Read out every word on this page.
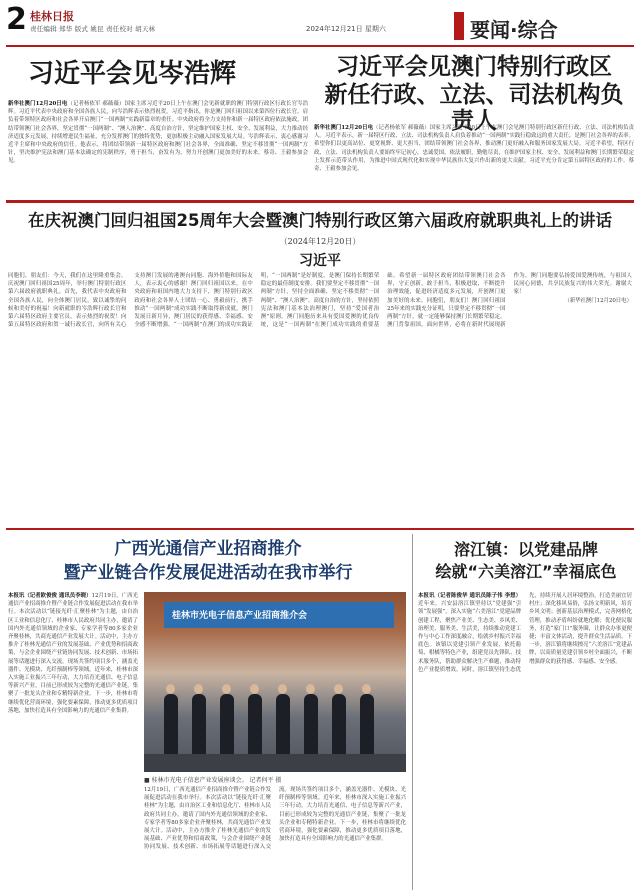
2 桂林日报
责任编辑 郑华 版式 姚昆 责任校对 胡天林	2024年12月21日 星期六	要闻·综合
习近平会见岑浩辉
新华社澳门12月20日电（记者杨依军 郝薇薇）国家主席习近平20日上午在澳门会见新就职的澳门特别行政区行政长官岑浩辉。习近平代表中央政府和全国各族人民，向岑浩辉表示热烈祝贺。习近平指出，你是澳门回归祖国以来第四位行政长官，肩负着带领特区政府和社会各界开启澳门“一国两制”实践新篇章的重任。中央政府将全力支持你和新一届特区政府依法施政，团结带领澳门社会各界，坚定贯彻“一国两制”、“澳人治澳”、高度自治方针，坚定维护国家主权、安全、发展利益，大力推动经济适度多元发展，持续增进民生福祉，充分发挥澳门的独特优势，更加积极主动融入国家发展大局。岑浩辉表示，衷心感谢习近平主席和中央政府的信任。他表示，将团结带领新一届特区政府和澳门社会各界，全面准确、坚定不移贯彻“一国两制”方针，坚决维护宪法和澳门基本法确定的宪制秩序，勇于担当，奋发有为，努力开创澳门更加美好的未来。蔡奇、王毅参加会见。
习近平会见澳门特别行政区
新任行政、立法、司法机构负责人
新华社澳门12月20日电（记者杨依军 郝薇薇）国家主席习近平20日上午在澳门会见澳门特别行政区新任行政、立法、司法机构负责人。习近平表示，新一届特区行政、立法、司法机构负责人肩负着推动“一国两制”实践行稳致远的重大责任，是澳门社会各界的表率。希望你们以更高站位、更宽视野、更大担当，团结带领澳门社会各界，推动澳门更好融入和服务国家发展大局。习近平希望，特区行政、立法、司法机构负责人要始终牢记初心，忠诚爱国，依法履职，勤勉尽责，在维护国家主权、安全、发展利益和澳门长期繁荣稳定上发挥示范带头作用，为推进中国式现代化和实现中华民族伟大复兴作出新的更大贡献。习近平充分肯定第五届特区政府的工作。蔡奇、王毅参加会见。
在庆祝澳门回归祖国25周年大会暨澳门特别行政区第六届政府就职典礼上的讲话
（2024年12月20日）
习近平
同胞们，朋友们：今天，我们在这里隆重集会，庆祝澳门回归祖国25周年，举行澳门特别行政区第六届政府就职典礼。首先，我代表中央政府和全国各族人民，向全体澳门居民，致以诚挚的问候和美好的祝福！向新就职的岑浩辉行政长官和第六届特区政府主要官员，表示热烈的祝贺！向第五届特区政府和贺一诚行政长官，向所有关心支持澳门发展的港澳台同胞、海外侨胞和国际友人，表示衷心的感谢！澳门回归祖国以来，在中央政府和祖国内地大力支持下，澳门特别行政区政府和社会各界人士团结一心、勇毅前行，携手推动“一国两制”成功实践不断取得新成就，澳门发展日新月异，澳门居民的获得感、幸福感、安全感不断增强。“一国两制”在澳门的成功实践证明，“一国两制”是好制度，是澳门保持长期繁荣稳定的最佳制度安排。我们要坚定不移贯彻“一国两制”方针，坚持全面准确、坚定不移贯彻“一国两制”、“澳人治澳”、高度自治的方针，坚持依照宪法和澳门基本法治理澳门，坚持“爱国者治澳”原则。澳门同胞历来具有爱国爱澳的优良传统，这是“一国两制”在澳门成功实践的重要基础。希望新一届特区政府团结带领澳门社会各界，守正创新，敢于担当，积极进取，不断提升治理效能，促进经济适度多元发展，开创澳门更加美好的未来。同胞们，朋友们！澳门回归祖国25年来的实践充分证明，只要坚定不移贯彻“一国两制”方针，就一定能够保持澳门长期繁荣稳定。澳门背靠祖国，面向世界，必将在新时代展现新作为。澳门同胞要弘扬爱国爱澳传统，与祖国人民同心同德，共享民族复兴的伟大荣光。谢谢大家！
（新华社澳门12月20日电）
广西光通信产业招商推介
暨产业链合作发展促进活动在我市举行
本报讯（记者欧俊俊 通讯员李晓）12月19日，广西光通信产业招商推介暨产业链合作发展促进活动在我市举行。本次活动以“链接光纤·汇聚桂林”为主题，由自治区工业和信息化厅、桂林市人民政府共同主办，邀请了国内外光通信领域的企业家、专家学者等80多家企业齐聚桂林，共商光通信产业发展大计。活动中，主办方推介了桂林光通信产业的发展基础、产业优势和招商政策，与会企业围绕产业链协同发展、技术创新、市场拓展等话题进行深入交流。现场共签约项目多个，涵盖光器件、光模块、光纤预制棒等领域。近年来，桂林市深入实施工业振兴三年行动，大力培育光通信、电子信息等新兴产业，目前已形成较为完整的光通信产业链，集聚了一批龙头企业和专精特新企业。下一步，桂林市将继续优化营商环境，强化要素保障，推动更多优质项目落地，加快打造具有全国影响力的光通信产业集群。
桂林市光电子信息产业招商推介会
■ 桂林市光电子信息产业发展座谈会。 记者何平 摄
12月19日，广西光通信产业招商推介暨产业链合作发展促进活动在我市举行。本次活动以“链接光纤·汇聚桂林”为主题，由自治区工业和信息化厅、桂林市人民政府共同主办，邀请了国内外光通信领域的企业家、专家学者等80多家企业齐聚桂林，共商光通信产业发展大计。活动中，主办方推介了桂林光通信产业的发展基础、产业优势和招商政策，与会企业围绕产业链协同发展、技术创新、市场拓展等话题进行深入交流。现场共签约项目多个，涵盖光器件、光模块、光纤预制棒等领域。近年来，桂林市深入实施工业振兴三年行动，大力培育光通信、电子信息等新兴产业，目前已形成较为完整的光通信产业链，集聚了一批龙头企业和专精特新企业。下一步，桂林市将继续优化营商环境，强化要素保障，推动更多优质项目落地，加快打造具有全国影响力的光通信产业集群。
溶江镇：以党建品牌
绘就“六美溶江”幸福底色
本报讯（记者陈俊华 通讯员陈子伟 李想）近年来，兴安县溶江镇坚持以“党建强”引领“发展强”，深入实施“六美溶江”党建品牌创建工程，聚焦产业美、生态美、乡风美、治理美、服务美、生活美，持续推动党建工作与中心工作深度融合，绘就乡村振兴幸福底色。该镇以党建引领产业发展，依托葡萄、柑橘等特色产业，组建党员先锋队、技术服务队，帮助群众解决生产难题，推动特色产业提质增效。同时，溶江镇坚持生态优先，持续开展人居环境整治，打造美丽宜居村庄；深化移风易俗，弘扬文明新风，培育乡风文明；创新基层治理模式，完善网格化管理，推动矛盾纠纷就地化解；优化便民服务，打造“家门口”服务圈，让群众办事更便捷；丰富文体活动，提升群众生活品质。下一步，溶江镇将继续擦亮“六美溶江”党建品牌，以高质量党建引领乡村全面振兴，不断增强群众的获得感、幸福感、安全感。
